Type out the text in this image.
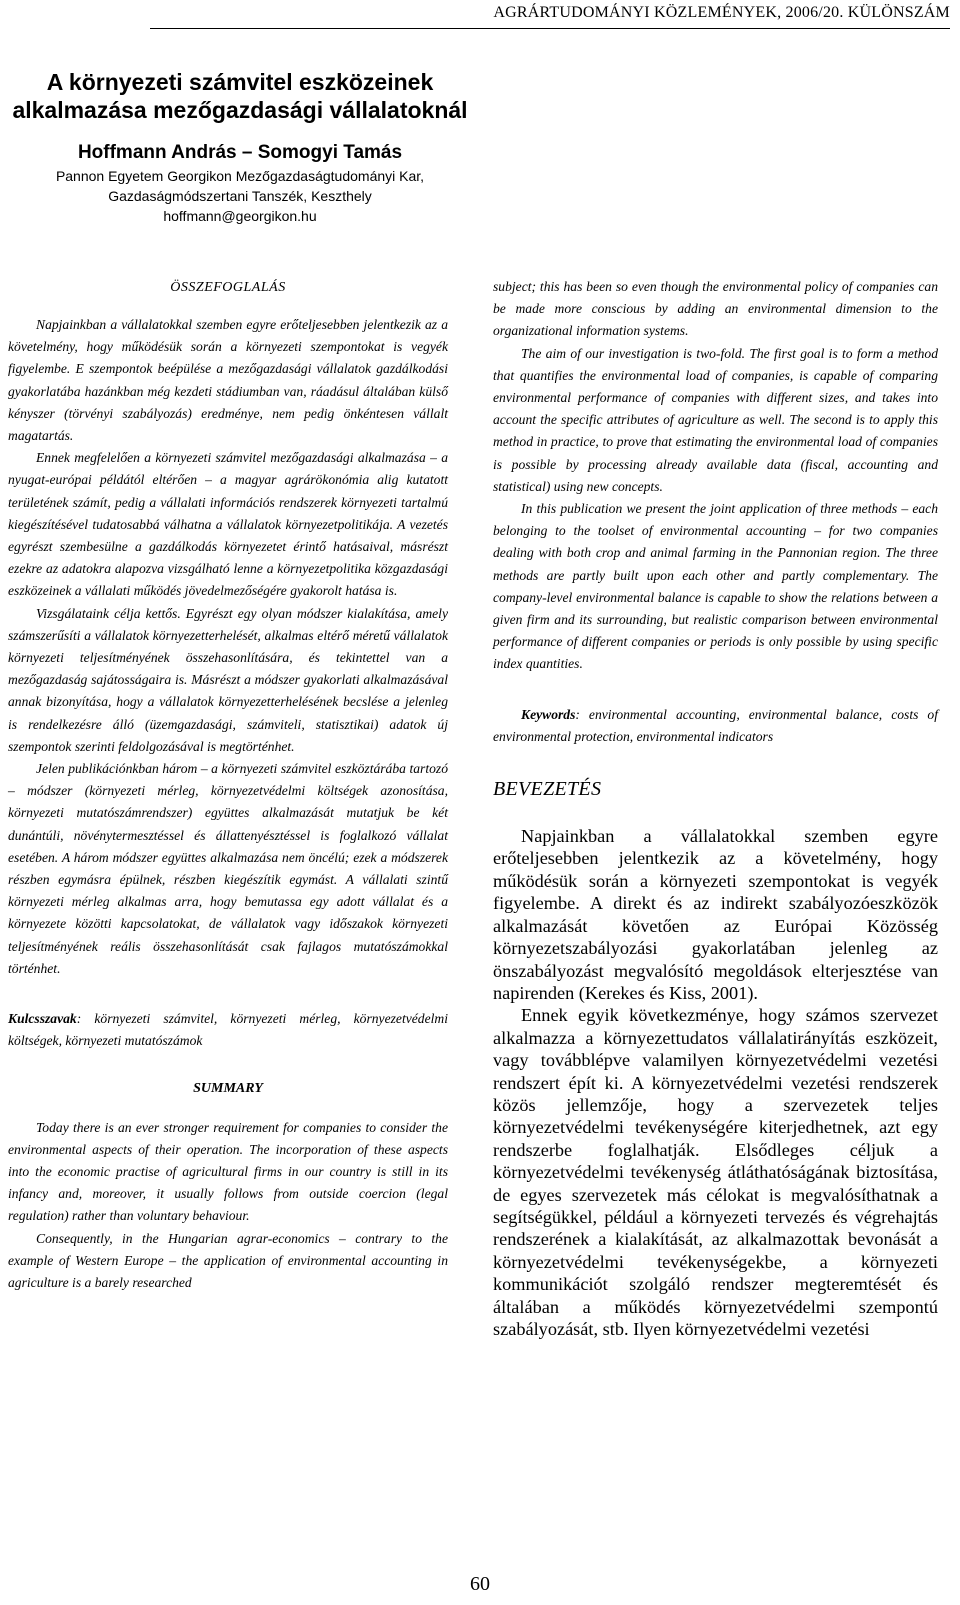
AGRÁRTUDOMÁNYI KÖZLEMÉNYEK, 2006/20. KÜLÖNSZÁM
A környezeti számvitel eszközeinek
alkalmazása mezőgazdasági vállalatoknál
Hoffmann András – Somogyi Tamás
Pannon Egyetem Georgikon Mezőgazdaságtudományi Kar,
Gazdaságmódszertani Tanszék, Keszthely
hoffmann@georgikon.hu
ÖSSZEFOGLALÁS

Napjainkban a vállalatokkal szemben egyre erőteljesebben jelentkezik az a követelmény, hogy működésük során a környezeti szempontokat is vegyék figyelembe. E szempontok beépülése a mezőgazdasági vállalatok gazdálkodási gyakorlatába hazánkban még kezdeti stádiumban van, ráadásul általában külső kényszer (törvényi szabályozás) eredménye, nem pedig önkéntesen vállalt magatartás.

Ennek megfelelően a környezeti számvitel mezőgazdasági alkalmazása – a nyugat-európai példától eltérően – a magyar agrárökonómia alig kutatott területének számít, pedig a vállalati információs rendszerek környezeti tartalmú kiegészítésével tudatosabbá válhatna a vállalatok környezetpolitikája. A vezetés egyrészt szembesülne a gazdálkodás környezetet érintő hatásaival, másrészt ezekre az adatokra alapozva vizsgálható lenne a környezetpolitika közgazdasági eszközeinek a vállalati működés jövedelmezőségére gyakorolt hatása is.

Vizsgálataink célja kettős. Egyrészt egy olyan módszer kialakítása, amely számszerűsíti a vállalatok környezetterhelését, alkalmas eltérő méretű vállalatok környezeti teljesítményének összehasonlítására, és tekintettel van a mezőgazdaság sajátosságaira is. Másrészt a módszer gyakorlati alkalmazásával annak bizonyítása, hogy a vállalatok környezetterhelésének becslése a jelenleg is rendelkezésre álló (üzemgazdasági, számviteli, statisztikai) adatok új szempontok szerinti feldolgozásával is megtörténhet.

Jelen publikációnkban három – a környezeti számvitel eszköztárába tartozó – módszer (környezeti mérleg, környezetvédelmi költségek azonosítása, környezeti mutatószámrendszer) együttes alkalmazását mutatjuk be két dunántúli, növénytermesztéssel és állattenyésztéssel is foglalkozó vállalat esetében. A három módszer együttes alkalmazása nem öncélú; ezek a módszerek részben egymásra épülnek, részben kiegészítik egymást. A vállalati szintű környezeti mérleg alkalmas arra, hogy bemutassa egy adott vállalat és a környezete közötti kapcsolatokat, de vállalatok vagy időszakok környezeti teljesítményének reális összehasonlítását csak fajlagos mutatószámokkal történhet.

Kulcsszavak: környezeti számvitel, környezeti mérleg, környezetvédelmi költségek, környezeti mutatószámok

SUMMARY

Today there is an ever stronger requirement for companies to consider the environmental aspects of their operation. The incorporation of these aspects into the economic practise of agricultural firms in our country is still in its infancy and, moreover, it usually follows from outside coercion (legal regulation) rather than voluntary behaviour.

Consequently, in the Hungarian agrar-economics – contrary to the example of Western Europe – the application of environmental accounting in agriculture is a barely researched

subject; this has been so even though the environmental policy of companies can be made more conscious by adding an environmental dimension to the organizational information systems.

The aim of our investigation is two-fold. The first goal is to form a method that quantifies the environmental load of companies, is capable of comparing environmental performance of companies with different sizes, and takes into account the specific attributes of agriculture as well. The second is to apply this method in practice, to prove that estimating the environmental load of companies is possible by processing already available data (fiscal, accounting and statistical) using new concepts.

In this publication we present the joint application of three methods – each belonging to the toolset of environmental accounting – for two companies dealing with both crop and animal farming in the Pannonian region. The three methods are partly built upon each other and partly complementary. The company-level environmental balance is capable to show the relations between a given firm and its surrounding, but realistic comparison between environmental performance of different companies or periods is only possible by using specific index quantities.

Keywords: environmental accounting, environmental balance, costs of environmental protection, environmental indicators

BEVEZETÉS

Napjainkban a vállalatokkal szemben egyre erőteljesebben jelentkezik az a követelmény, hogy működésük során a környezeti szempontokat is vegyék figyelembe. A direkt és az indirekt szabályozóeszközök alkalmazását követően az Európai Közösség környezetszabályozási gyakorlatában jelenleg az önszabályozást megvalósító megoldások elterjesztése van napirenden (Kerekes és Kiss, 2001).

Ennek egyik következménye, hogy számos szervezet alkalmazza a környezettudatos vállalatirányítás eszközeit, vagy továbblépve valamilyen környezetvédelmi vezetési rendszert épít ki. A környezetvédelmi vezetési rendszerek közös jellemzője, hogy a szervezetek teljes környezetvédelmi tevékenységére kiterjedhetnek, azt egy rendszerbe foglalhatják. Elsődleges céljuk a környezetvédelmi tevékenység átláthatóságának biztosítása, de egyes szervezetek más célokat is megvalósíthatnak a segítségükkel, például a környezeti tervezés és végrehajtás rendszerének a kialakítását, az alkalmazottak bevonását a környezetvédelmi tevékenységekbe, a környezeti kommunikációt szolgáló rendszer megteremtését és általában a működés környezetvédelmi szempontú szabályozását, stb. Ilyen környezetvédelmi vezetési

60
